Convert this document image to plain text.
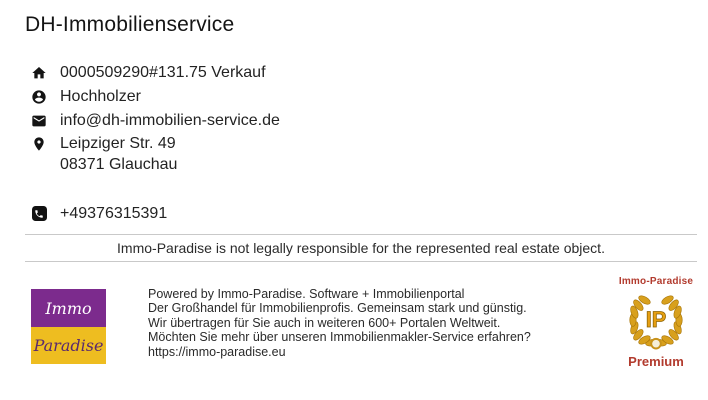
DH-Immobilienservice
0000509290#131.75 Verkauf
Hochholzer
info@dh-immobilien-service.de
Leipziger Str. 49
08371 Glauchau
+49376315391
Immo-Paradise is not legally responsible for the represented real estate object.
Immo
Paradise
Powered by Immo-Paradise. Software + Immobilienportal
Der Großhandel für Immobilienprofis. Gemeinsam stark und günstig.
Wir übertragen für Sie auch in weiteren 600+ Portalen Weltweit.
Möchten Sie mehr über unseren Immobilienmakler-Service erfahren?
https://immo-paradise.eu
Immo-Paradise
IP
Premium
